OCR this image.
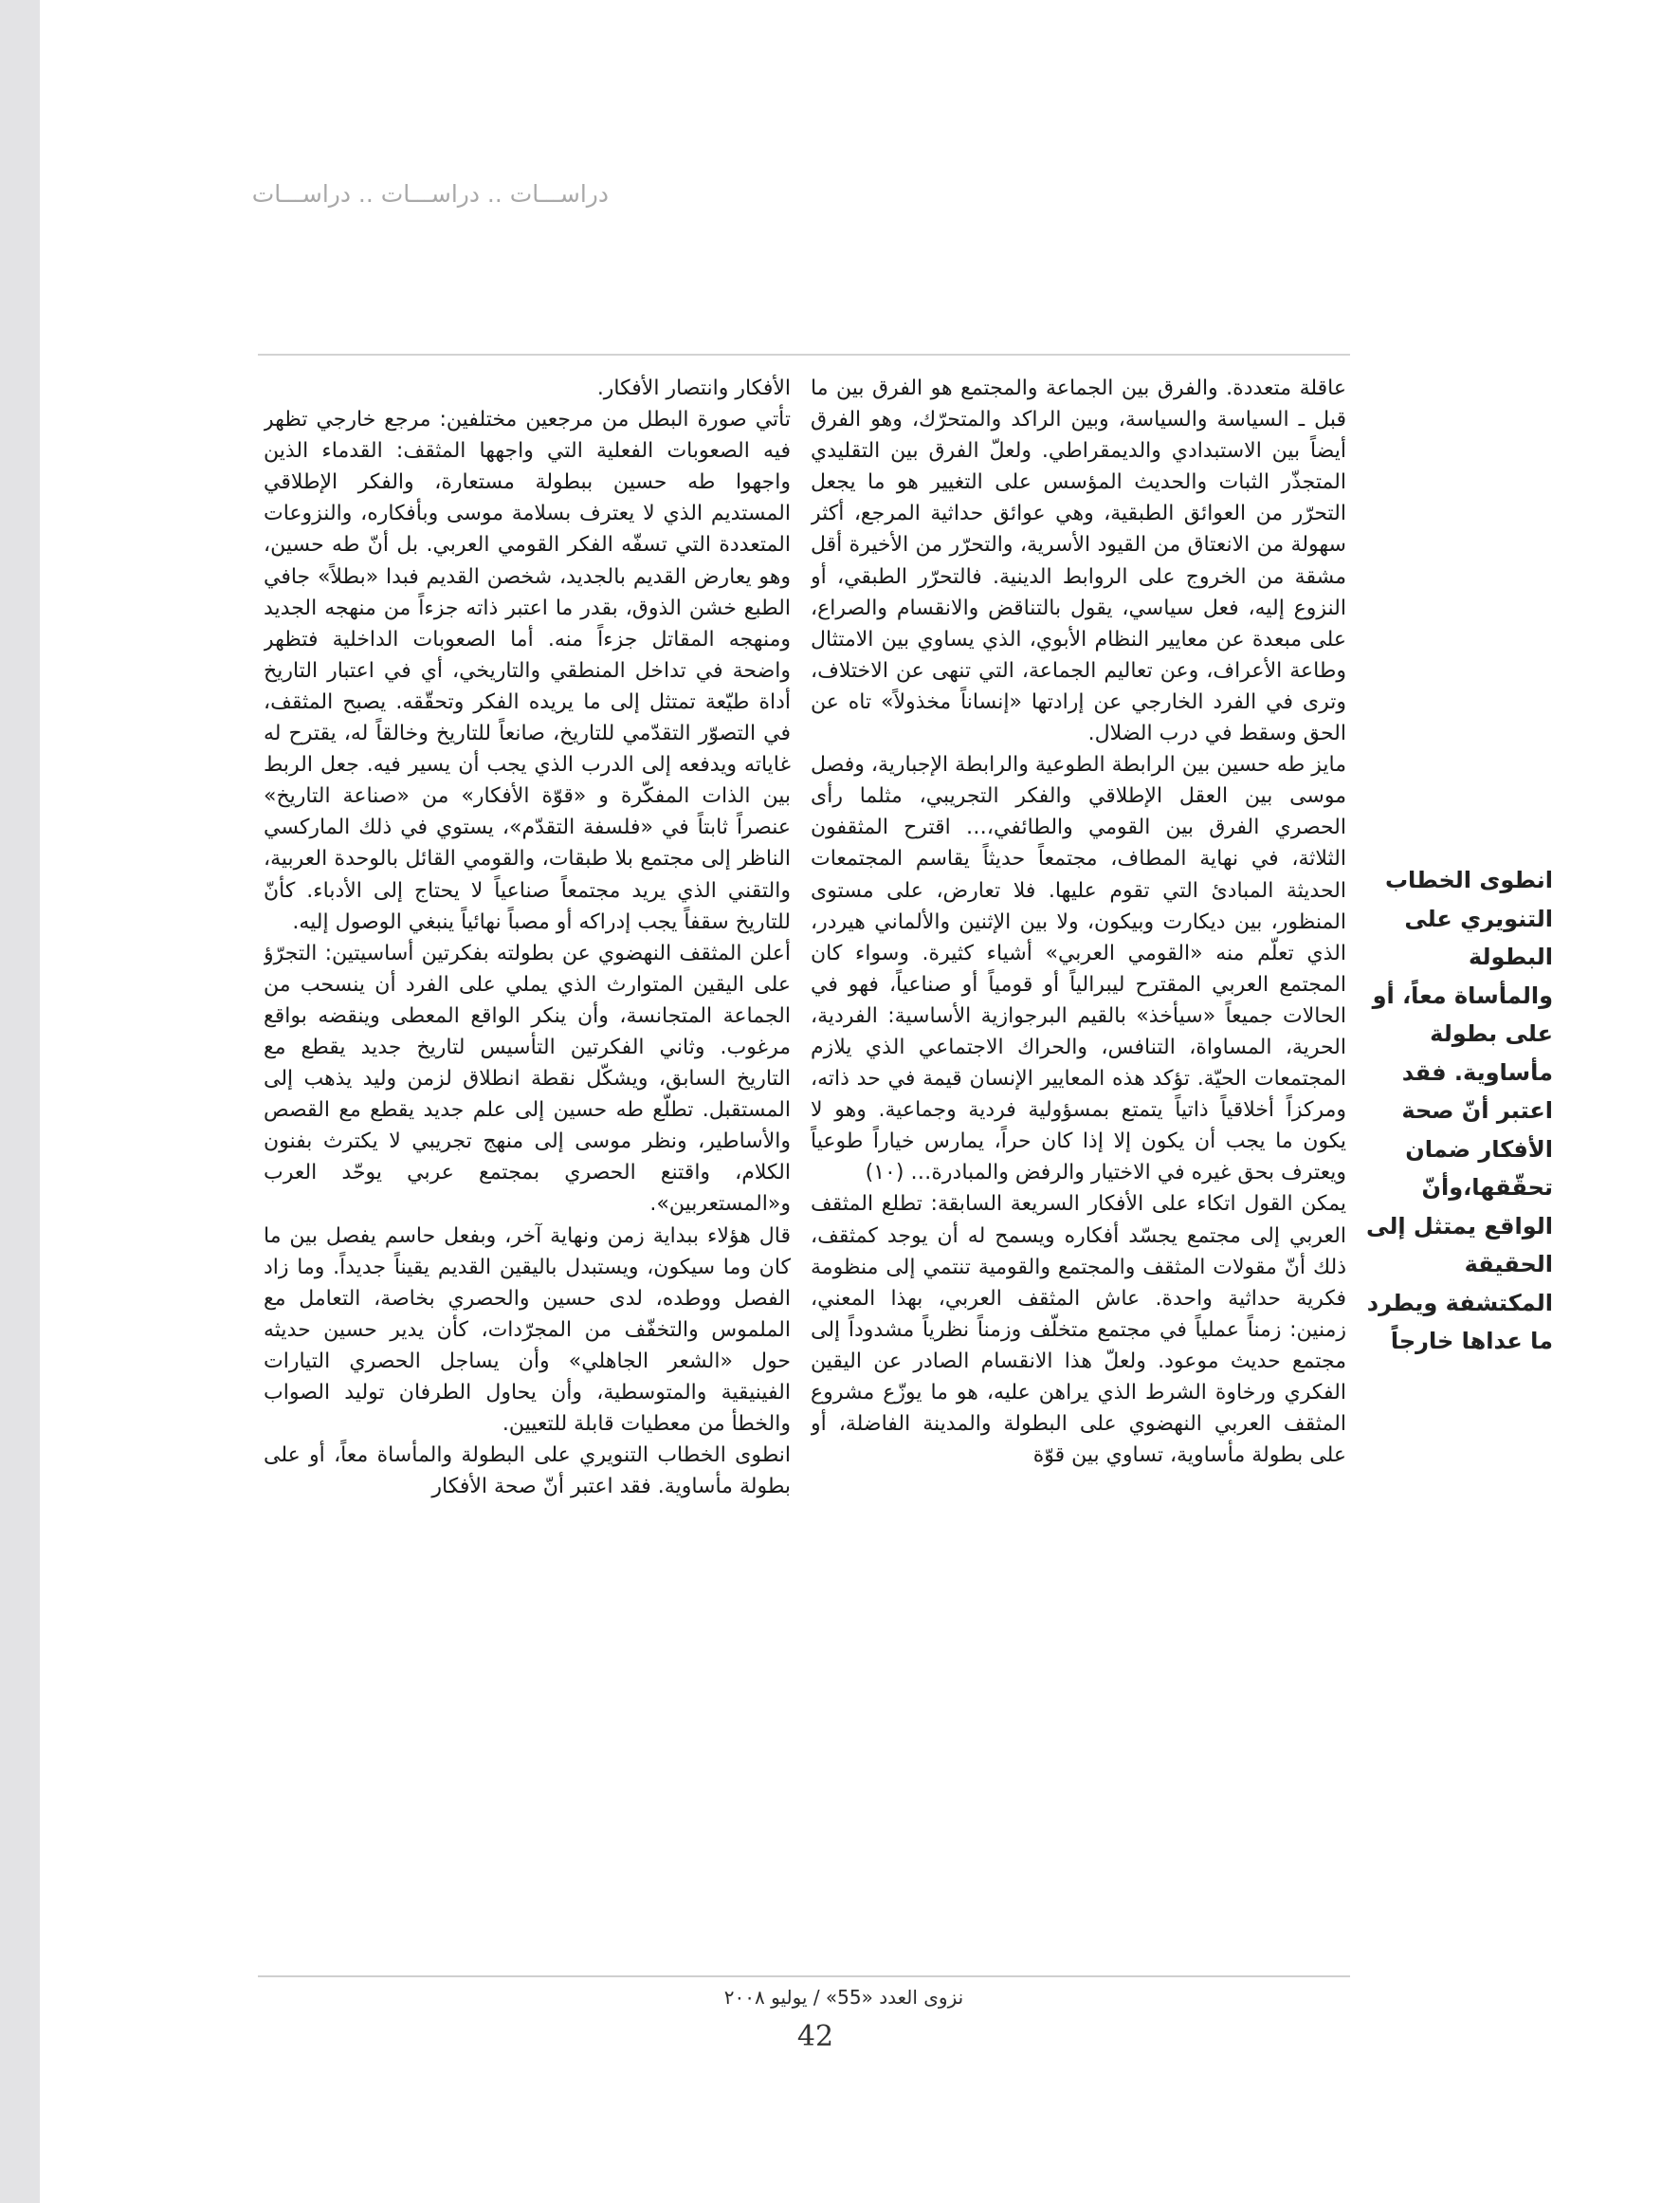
دراســـات .. دراســـات .. دراســـات

عاقلة متعددة. والفرق بين الجماعة والمجتمع هو الفرق بين ما قبل ـ السياسة والسياسة، وبين الراكد والمتحرّك، وهو الفرق أيضاً بين الاستبدادي والديمقراطي. ولعلّ الفرق بين التقليدي المتجذّر الثبات والحديث المؤسس على التغيير هو ما يجعل التحرّر من العوائق الطبقية، وهي عوائق حداثية المرجع، أكثر سهولة من الانعتاق من القيود الأسرية، والتحرّر من الأخيرة أقل مشقة من الخروج على الروابط الدينية. فالتحرّر الطبقي، أو النزوع إليه، فعل سياسي، يقول بالتناقض والانقسام والصراع، على مبعدة عن معايير النظام الأبوي، الذي يساوي بين الامتثال وطاعة الأعراف، وعن تعاليم الجماعة، التي تنهى عن الاختلاف، وترى في الفرد الخارجي عن إرادتها «إنساناً مخذولاً» تاه عن الحق وسقط في درب الضلال.

مايز طه حسين بين الرابطة الطوعية والرابطة الإجبارية، وفصل موسى بين العقل الإطلاقي والفكر التجريبي، مثلما رأى الحصري الفرق بين القومي والطائفي،… اقترح المثقفون الثلاثة، في نهاية المطاف، مجتمعاً حديثاً يقاسم المجتمعات الحديثة المبادئ التي تقوم عليها. فلا تعارض، على مستوى المنظور، بين ديكارت وبيكون، ولا بين الإثنين والألماني هيردر، الذي تعلّم منه «القومي العربي» أشياء كثيرة. وسواء كان المجتمع العربي المقترح ليبرالياً أو قومياً أو صناعياً، فهو في الحالات جميعاً «سيأخذ» بالقيم البرجوازية الأساسية: الفردية، الحرية، المساواة، التنافس، والحراك الاجتماعي الذي يلازم المجتمعات الحيّة. تؤكد هذه المعايير الإنسان قيمة في حد ذاته، ومركزاً أخلاقياً ذاتياً يتمتع بمسؤولية فردية وجماعية. وهو لا يكون ما يجب أن يكون إلا إذا كان حراً، يمارس خياراً طوعياً ويعترف بحق غيره في الاختيار والرفض والمبادرة… (١٠)

يمكن القول اتكاء على الأفكار السريعة السابقة: تطلع المثقف العربي إلى مجتمع يجسّد أفكاره ويسمح له أن يوجد كمثقف، ذلك أنّ مقولات المثقف والمجتمع والقومية تنتمي إلى منظومة فكرية حداثية واحدة. عاش المثقف العربي، بهذا المعني، زمنين: زمناً عملياً في مجتمع متخلّف وزمناً نظرياً مشدوداً إلى مجتمع حديث موعود. ولعلّ هذا الانقسام الصادر عن اليقين الفكري ورخاوة الشرط الذي يراهن عليه، هو ما يوزّع مشروع المثقف العربي النهضوي على البطولة والمدينة الفاضلة، أو على بطولة مأساوية، تساوي بين قوّة

الأفكار وانتصار الأفكار.

تأتي صورة البطل من مرجعين مختلفين: مرجع خارجي تظهر فيه الصعوبات الفعلية التي واجهها المثقف: القدماء الذين واجهوا طه حسين ببطولة مستعارة، والفكر الإطلاقي المستديم الذي لا يعترف بسلامة موسى وبأفكاره، والنزوعات المتعددة التي تسفّه الفكر القومي العربي. بل أنّ طه حسين، وهو يعارض القديم بالجديد، شخصن القديم فبدا «بطلاً» جافي الطبع خشن الذوق، بقدر ما اعتبر ذاته جزءاً من منهجه الجديد ومنهجه المقاتل جزءاً منه. أما الصعوبات الداخلية فتظهر واضحة في تداخل المنطقي والتاريخي، أي في اعتبار التاريخ أداة طيّعة تمتثل إلى ما يريده الفكر وتحقّقه. يصبح المثقف، في التصوّر التقدّمي للتاريخ، صانعاً للتاريخ وخالقاً له، يقترح له غاياته ويدفعه إلى الدرب الذي يجب أن يسير فيه. جعل الربط بين الذات المفكّرة و «قوّة الأفكار» من «صناعة التاريخ» عنصراً ثابتاً في «فلسفة التقدّم»، يستوي في ذلك الماركسي الناظر إلى مجتمع بلا طبقات، والقومي القائل بالوحدة العربية، والتقني الذي يريد مجتمعاً صناعياً لا يحتاج إلى الأدباء. كأنّ للتاريخ سقفاً يجب إدراكه أو مصباً نهائياً ينبغي الوصول إليه.

أعلن المثقف النهضوي عن بطولته بفكرتين أساسيتين: التجرّؤ على اليقين المتوارث الذي يملي على الفرد أن ينسحب من الجماعة المتجانسة، وأن ينكر الواقع المعطى وينقضه بواقع مرغوب. وثاني الفكرتين التأسيس لتاريخ جديد يقطع مع التاريخ السابق، ويشكّل نقطة انطلاق لزمن وليد يذهب إلى المستقبل. تطلّع طه حسين إلى علم جديد يقطع مع القصص والأساطير، ونظر موسى إلى منهج تجريبي لا يكترث بفنون الكلام، واقتنع الحصري بمجتمع عربي يوحّد العرب و«المستعربين».

قال هؤلاء ببداية زمن ونهاية آخر، وبفعل حاسم يفصل بين ما كان وما سيكون، ويستبدل باليقين القديم يقيناً جديداً. وما زاد الفصل ووطده، لدى حسين والحصري بخاصة، التعامل مع الملموس والتخفّف من المجرّدات، كأن يدير حسين حديثه حول «الشعر الجاهلي» وأن يساجل الحصري التيارات الفينيقية والمتوسطية، وأن يحاول الطرفان توليد الصواب والخطأ من معطيات قابلة للتعيين.

انطوى الخطاب التنويري على البطولة والمأساة معاً، أو على بطولة مأساوية. فقد اعتبر أنّ صحة الأفكار

انطوى الخطاب التنويري على البطولة والمأساة معاً، أو على بطولة مأساوية. فقد اعتبر أنّ صحة الأفكار ضمان تحقّقها،وأنّ الواقع يمتثل إلى الحقيقة المكتشفة ويطرد ما عداها خارجاً
نزوى العدد «55» / يوليو ٢٠٠٨
42
